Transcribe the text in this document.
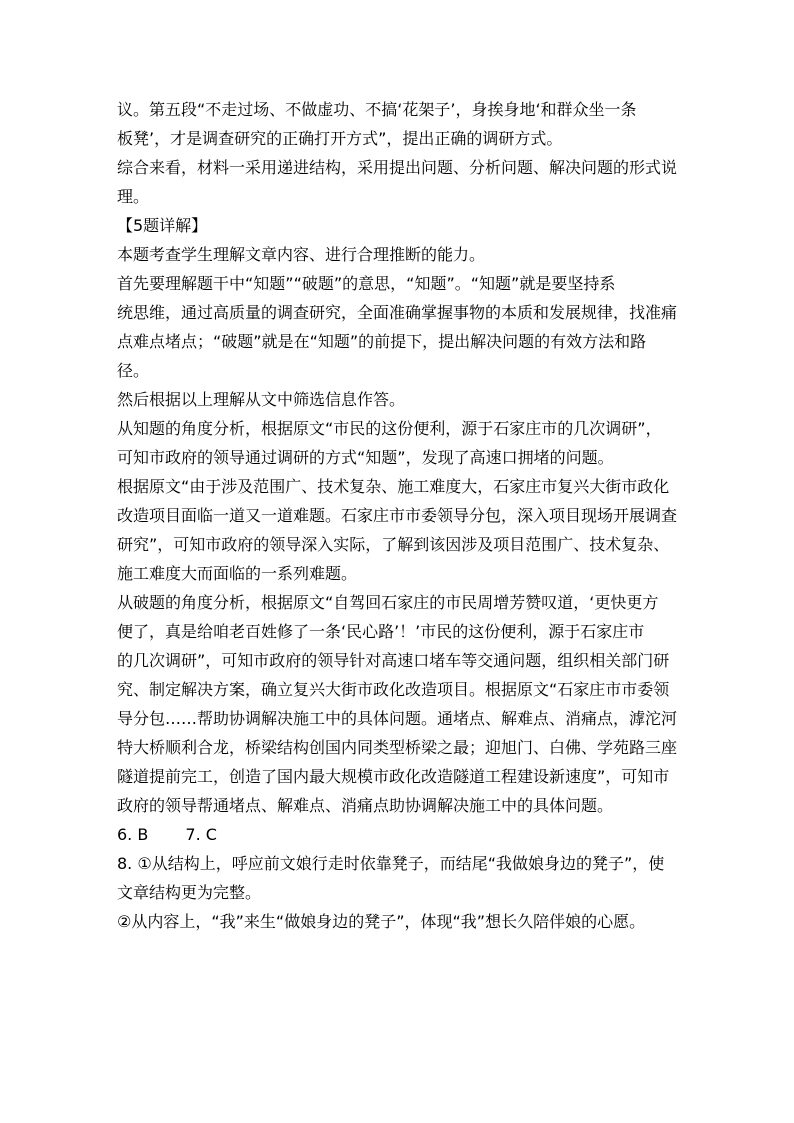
议。第五段“不走过场、不做虚功、不搞‘花架子’，身挨身地‘和群众坐一条
板凳’，才是调查研究的正确打开方式”，提出正确的调研方式。
综合来看，材料一采用递进结构，采用提出问题、分析问题、解决问题的形式说
理。
【5题详解】
本题考查学生理解文章内容、进行合理推断的能力。
首先要理解题干中“知题”“破题”的意思，“知题”。“知题”就是要坚持系
统思维，通过高质量的调查研究，全面准确掌握事物的本质和发展规律，找准痛
点难点堵点；“破题”就是在“知题”的前提下，提出解决问题的有效方法和路
径。
然后根据以上理解从文中筛选信息作答。
从知题的角度分析，根据原文“市民的这份便利，源于石家庄市的几次调研”，
可知市政府的领导通过调研的方式“知题”，发现了高速口拥堵的问题。
根据原文“由于涉及范围广、技术复杂、施工难度大，石家庄市复兴大街市政化
改造项目面临一道又一道难题。石家庄市市委领导分包，深入项目现场开展调查
研究”，可知市政府的领导深入实际，了解到该因涉及项目范围广、技术复杂、
施工难度大而面临的一系列难题。
从破题的角度分析，根据原文“自驾回石家庄的市民周增芳赞叹道，‘更快更方
便了，真是给咱老百姓修了一条‘民心路’！’市民的这份便利，源于石家庄市
的几次调研”，可知市政府的领导针对高速口堵车等交通问题，组织相关部门研
究、制定解决方案，确立复兴大街市政化改造项目。根据原文“石家庄市市委领
导分包……帮助协调解决施工中的具体问题。通堵点、解难点、消痛点，滹沱河
特大桥顺利合龙，桥梁结构创国内同类型桥梁之最；迎旭门、白佛、学苑路三座
隧道提前完工，创造了国内最大规模市政化改造隧道工程建设新速度”，可知市
政府的领导帮通堵点、解难点、消痛点助协调解决施工中的具体问题。
6. B 7. C
8. ①从结构上，呼应前文娘行走时依靠凳子，而结尾“我做娘身边的凳子”，使
文章结构更为完整。
②从内容上，“我”来生“做娘身边的凳子”，体现“我”想长久陪伴娘的心愿。
